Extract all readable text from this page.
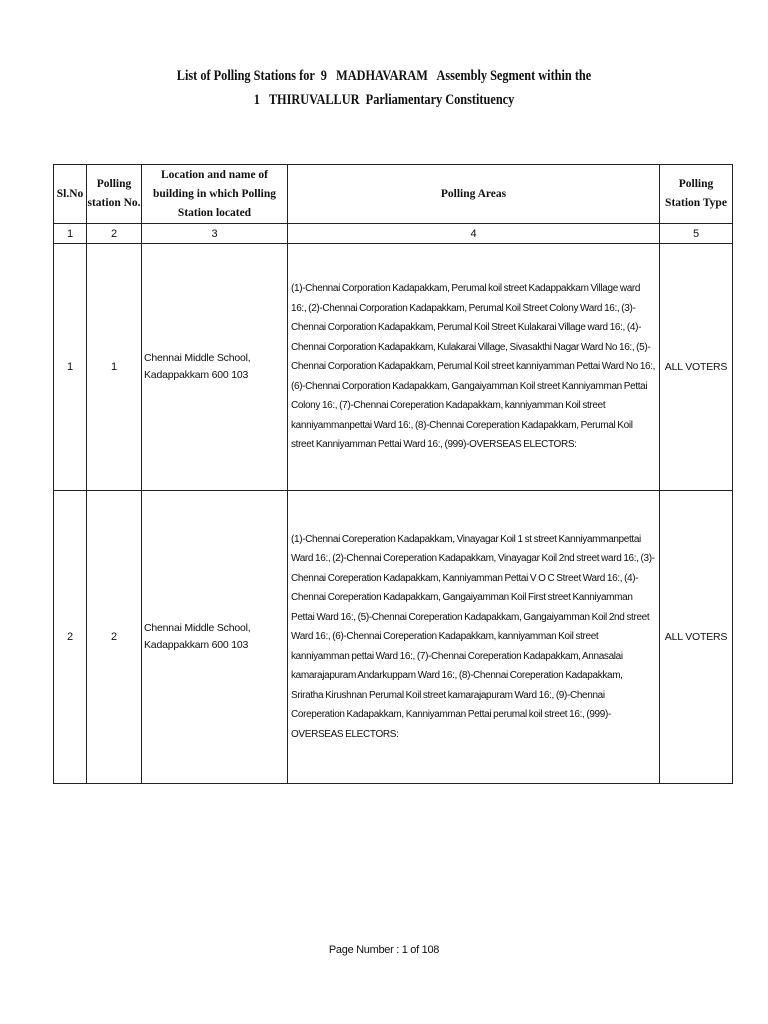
List of Polling Stations for  9   MADHAVARAM   Assembly Segment within the
1   THIRUVALLUR  Parliamentary Constituency
Sl.No	Polling station No.	Location and name of building in which Polling Station located	Polling Areas	Polling Station Type
1	2	3	4	5
1	1	Chennai Middle School, Kadappakkam 600 103	(1)-Chennai Corporation Kadapakkam, Perumal koil street Kadappakkam Village ward 16:, (2)-Chennai Corporation Kadapakkam, Perumal Koil Street Colony Ward 16:, (3)-Chennai Corporation Kadapakkam, Perumal Koil Street Kulakarai Village ward 16:, (4)-Chennai Corporation Kadapakkam, Kulakarai Village, Sivasakthi Nagar Ward No 16:, (5)-Chennai Corporation Kadapakkam, Perumal Koil street kanniyamman Pettai Ward No 16:, (6)-Chennai Corporation Kadapakkam, Gangaiyamman Koil street Kanniyamman Pettai Colony 16:, (7)-Chennai Coreperation Kadapakkam, kanniyamman Koil street kanniyammanpettai Ward 16:, (8)-Chennai Coreperation Kadapakkam, Perumal Koil street Kanniyamman Pettai Ward 16:, (999)-OVERSEAS ELECTORS:	ALL VOTERS
2	2	Chennai Middle School, Kadappakkam 600 103	(1)-Chennai Coreperation Kadapakkam, Vinayagar Koil 1 st street Kanniyammanpettai Ward 16:, (2)-Chennai Coreperation Kadapakkam, Vinayagar Koil 2nd street ward 16:, (3)-Chennai Coreperation Kadapakkam, Kanniyamman Pettai V O C Street Ward 16:, (4)-Chennai Coreperation Kadapakkam, Gangaiyamman Koil First street Kanniyamman Pettai Ward 16:, (5)-Chennai Coreperation Kadapakkam, Gangaiyamman Koil 2nd street Ward 16:, (6)-Chennai Coreperation Kadapakkam, kanniyamman Koil street kanniyamman pettai Ward 16:, (7)-Chennai Coreperation Kadapakkam, Annasalai kamarajapuram Andarkuppam Ward 16:, (8)-Chennai Coreperation Kadapakkam, Sriratha Kirushnan Perumal Koil street kamarajapuram Ward 16:, (9)-Chennai Coreperation Kadapakkam, Kanniyamman Pettai perumal koil street 16:, (999)-OVERSEAS ELECTORS:	ALL VOTERS
Page Number : 1 of 108
